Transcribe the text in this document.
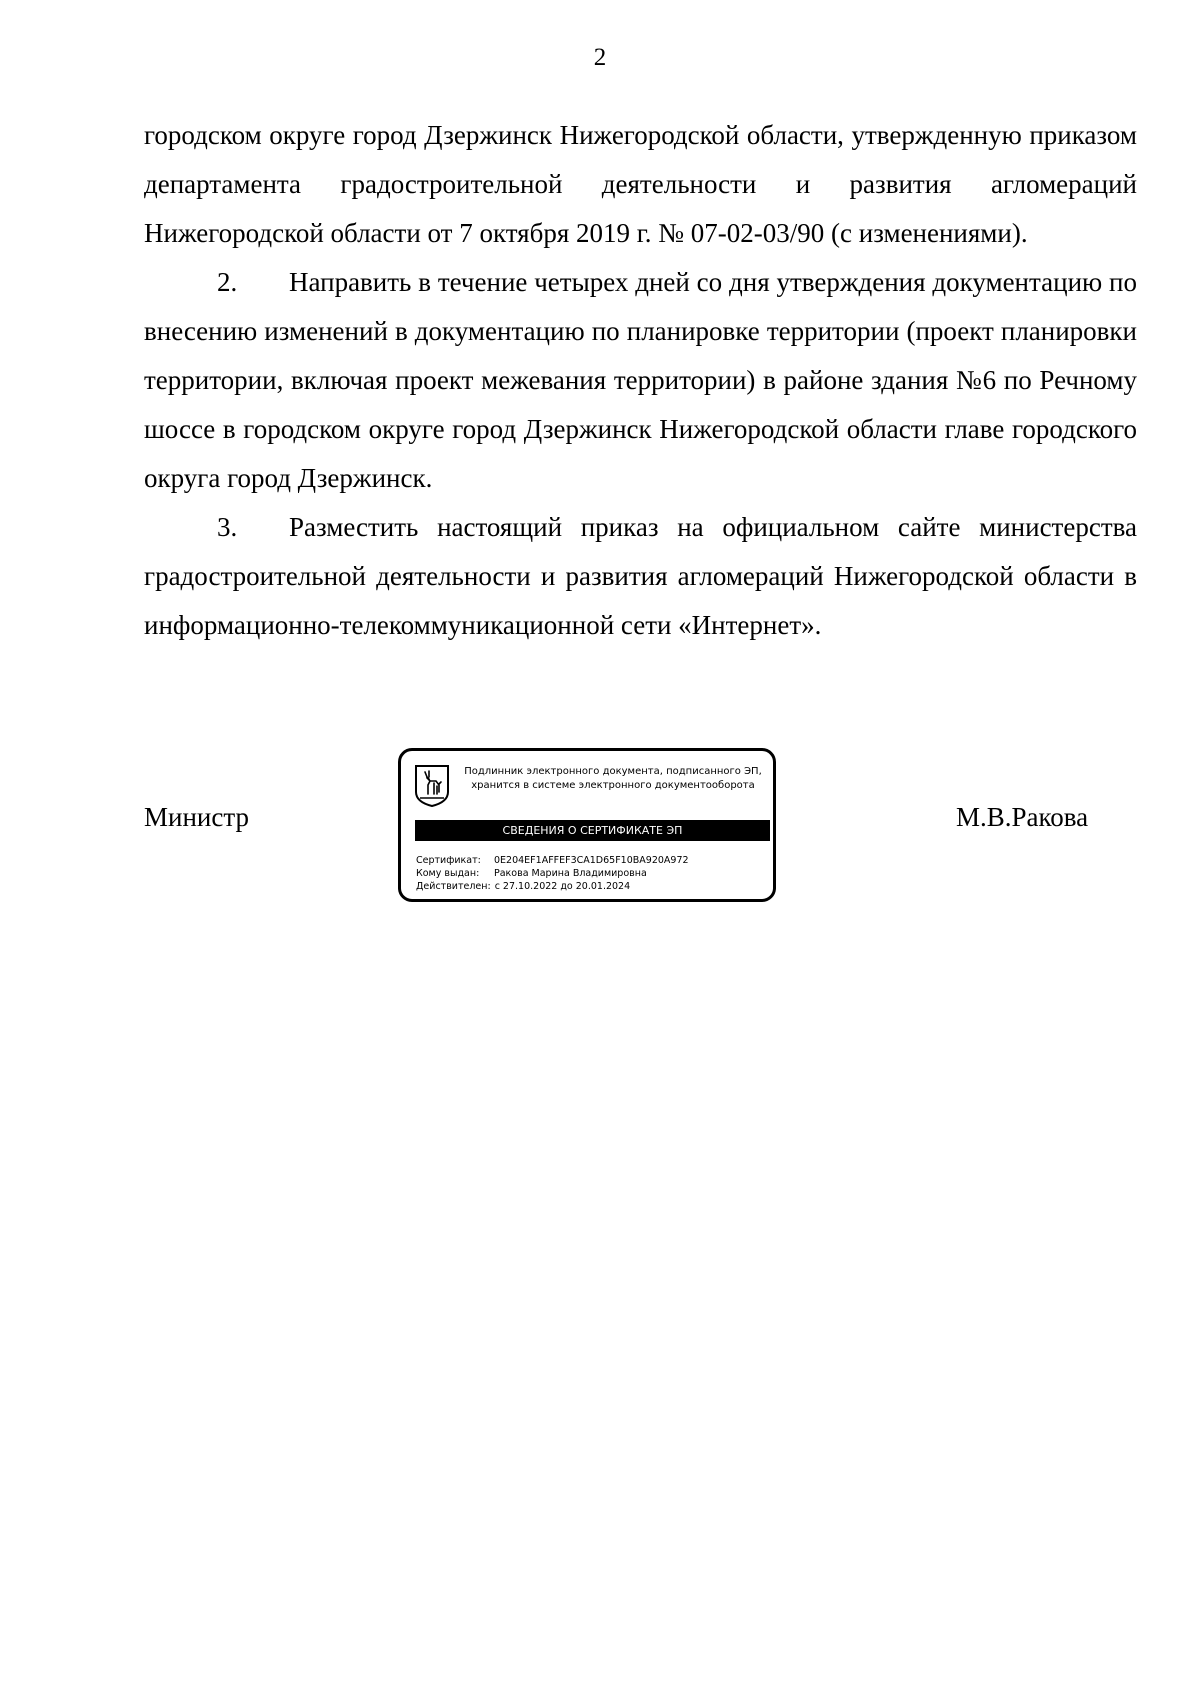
2

городском округе город Дзержинск Нижегородской области, утвержденную приказом департамента градостроительной деятельности и развития агломераций Нижегородской области от 7 октября 2019 г. № 07-02-03/90 (с изменениями).

2. Направить в течение четырех дней со дня утверждения документацию по внесению изменений в документацию по планировке территории (проект планировки территории, включая проект межевания территории) в районе здания №6 по Речному шоссе в городском округе город Дзержинск Нижегородской области главе городского округа город Дзержинск.

3. Разместить настоящий приказ на официальном сайте министерства градостроительной деятельности и развития агломераций Нижегородской области в информационно-телекоммуникационной сети «Интернет».

Министр
Подлинник электронного документа, подписанного ЭП,
хранится в системе электронного документооборота
СВЕДЕНИЯ О СЕРТИФИКАТЕ ЭП
Сертификат: 0E204EF1AFFEF3CA1D65F10BA920A972
Кому выдан: Ракова Марина Владимировна
Действителен: с 27.10.2022 до 20.01.2024
М.В.Ракова
